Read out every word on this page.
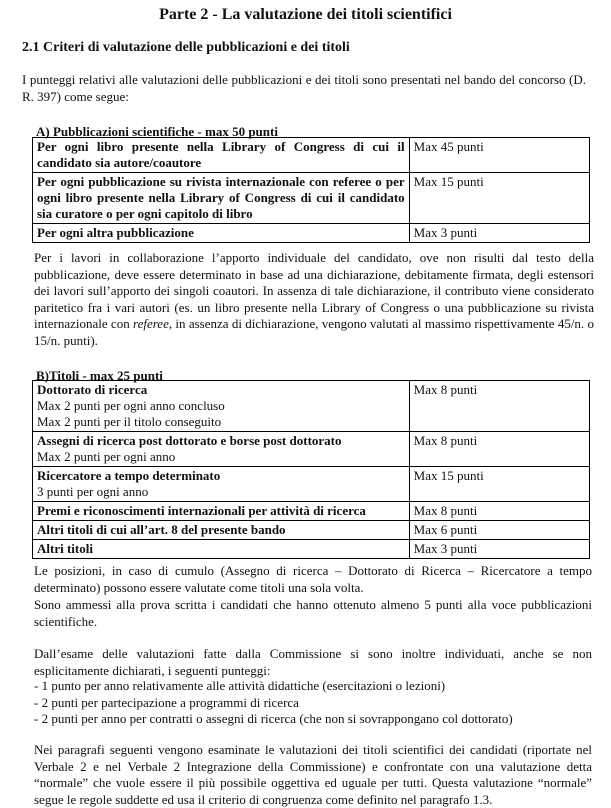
Parte 2 - La valutazione dei titoli scientifici
2.1 Criteri di valutazione delle pubblicazioni e dei titoli
I punteggi relativi alle valutazioni delle pubblicazioni e dei titoli sono presentati nel bando del concorso (D. R. 397) come segue:
A) Pubblicazioni scientifiche - max 50 punti
Per ogni libro presente nella Library of Congress di cui il candidato sia autore/coautore	Max 45 punti
Per ogni pubblicazione su rivista internazionale con referee o per ogni libro presente nella Library of Congress di cui il candidato sia curatore o per ogni capitolo di libro	Max 15 punti
Per ogni altra pubblicazione	Max 3 punti
Per i lavori in collaborazione l’apporto individuale del candidato, ove non risulti dal testo della pubblicazione, deve essere determinato in base ad una dichiarazione, debitamente firmata, degli estensori dei lavori sull’apporto dei singoli coautori. In assenza di tale dichiarazione, il contributo viene considerato paritetico fra i vari autori (es. un libro presente nella Library of Congress o una pubblicazione su rivista internazionale con referee, in assenza di dichiarazione, vengono valutati al massimo rispettivamente 45/n. o 15/n. punti).
B)Titoli - max 25 punti
Dottorato di ricerca
Max 2 punti per ogni anno concluso
Max 2 punti per il titolo conseguito	Max 8 punti

Assegni di ricerca post dottorato e borse post dottorato
Max 2 punti per ogni anno	Max 8 punti

Ricercatore a tempo determinato
3 punti per ogni anno	Max 15 punti
Premi e riconoscimenti internazionali per attività di ricerca	Max 8 punti
Altri titoli di cui all’art. 8 del presente bando	Max 6 punti
Altri titoli	Max 3 punti
Le posizioni, in caso di cumulo (Assegno di ricerca – Dottorato di Ricerca – Ricercatore a tempo determinato) possono essere valutate come titoli una sola volta.
Sono ammessi alla prova scritta i candidati che hanno ottenuto almeno 5 punti alla voce pubblicazioni scientifiche.
Dall’esame delle valutazioni fatte dalla Commissione si sono inoltre individuati, anche se non esplicitamente dichiarati, i seguenti punteggi:
- 1 punto per anno relativamente alle attività didattiche (esercitazioni o lezioni)
- 2 punti per partecipazione a programmi di ricerca
- 2 punti per anno per contratti o assegni di ricerca (che non si sovrappongano col dottorato)
Nei paragrafi seguenti vengono esaminate le valutazioni dei titoli scientifici dei candidati (riportate nel Verbale 2 e nel Verbale 2 Integrazione della Commissione) e confrontate con una valutazione detta “normale” che vuole essere il più possibile oggettiva ed uguale per tutti. Questa valutazione “normale” segue le regole suddette ed usa il criterio di congruenza come definito nel paragrafo 1.3.
